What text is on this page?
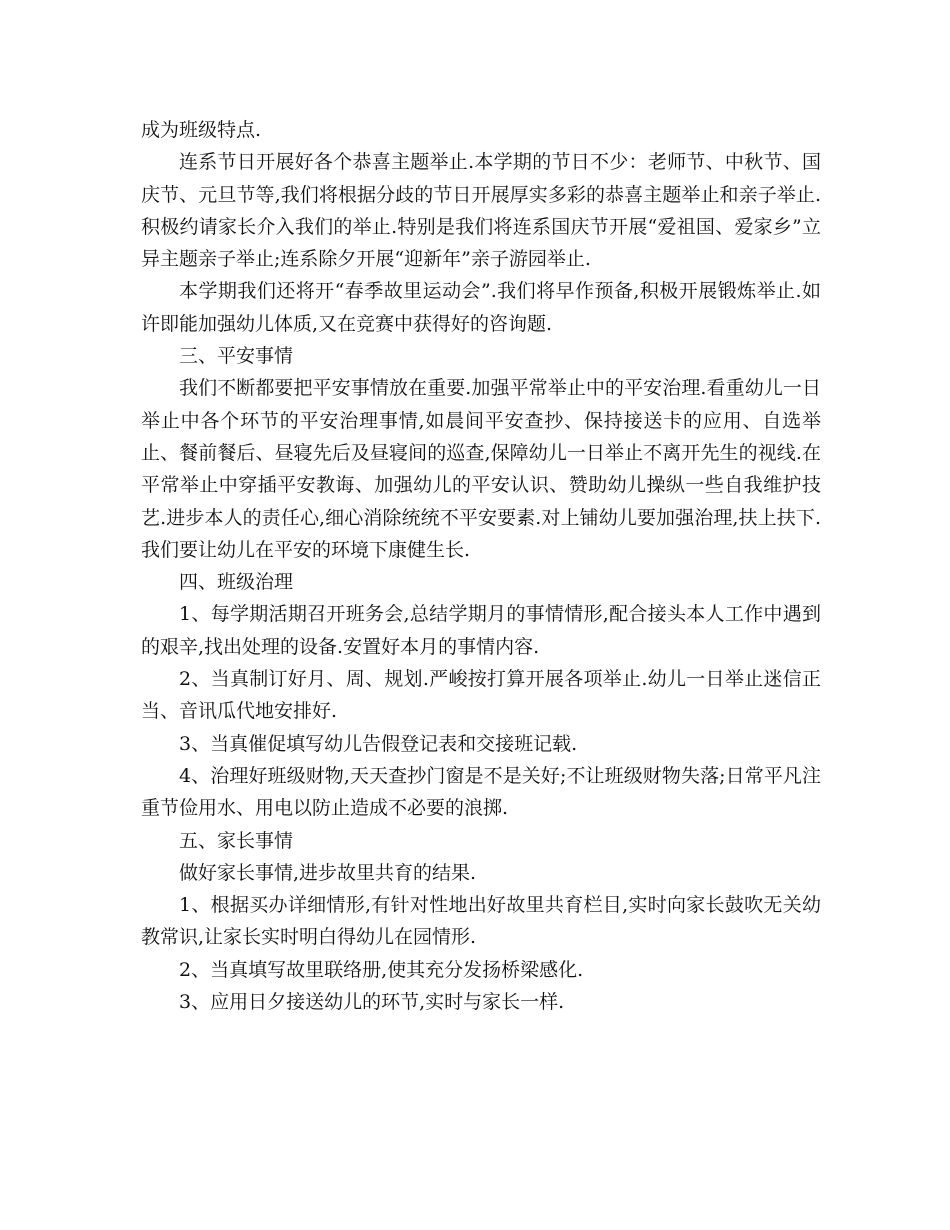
成为班级特点.

连系节日开展好各个恭喜主题举止.本学期的节日不少：老师节、中秋节、国庆节、元旦节等,我们将根据分歧的节日开展厚实多彩的恭喜主题举止和亲子举止.积极约请家长介入我们的举止.特别是我们将连系国庆节开展“爱祖国、爱家乡”立异主题亲子举止;连系除夕开展“迎新年”亲子游园举止.

本学期我们还将开“春季故里运动会”.我们将早作预备,积极开展锻炼举止.如许即能加强幼儿体质,又在竞赛中获得好的咨询题.

三、平安事情

我们不断都要把平安事情放在重要.加强平常举止中的平安治理.看重幼儿一日举止中各个环节的平安治理事情,如晨间平安查抄、保持接送卡的应用、自选举止、餐前餐后、昼寝先后及昼寝间的巡查,保障幼儿一日举止不离开先生的视线.在平常举止中穿插平安教诲、加强幼儿的平安认识、赞助幼儿操纵一些自我维护技艺.进步本人的责任心,细心消除统统不平安要素.对上铺幼儿要加强治理,扶上扶下.我们要让幼儿在平安的环境下康健生长.

四、班级治理

1、每学期活期召开班务会,总结学期月的事情情形,配合接头本人工作中遇到的艰辛,找出处理的设备.安置好本月的事情内容.

2、当真制订好月、周、规划.严峻按打算开展各项举止.幼儿一日举止迷信正当、音讯瓜代地安排好.

3、当真催促填写幼儿告假登记表和交接班记载.

4、治理好班级财物,天天查抄门窗是不是关好;不让班级财物失落;日常平凡注重节俭用水、用电以防止造成不必要的浪掷.

五、家长事情

做好家长事情,进步故里共育的结果.

1、根据买办详细情形,有针对性地出好故里共育栏目,实时向家长鼓吹无关幼教常识,让家长实时明白得幼儿在园情形.

2、当真填写故里联络册,使其充分发扬桥梁感化.

3、应用日夕接送幼儿的环节,实时与家长一样.
